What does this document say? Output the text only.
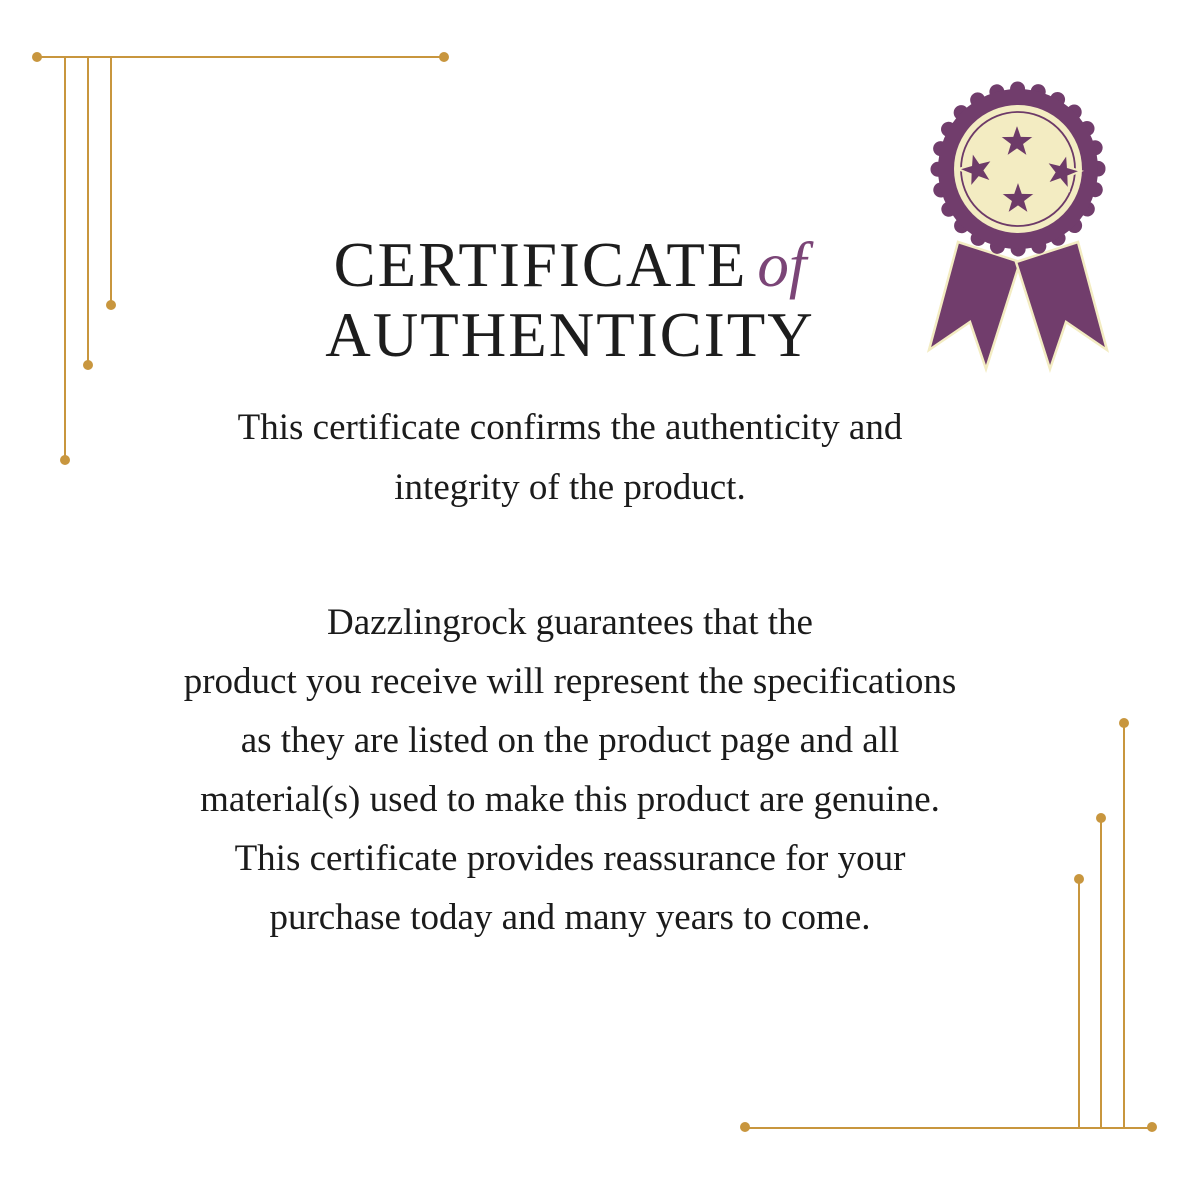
CERTIFICATE of
AUTHENTICITY
This certificate confirms the authenticity and
integrity of the product.
Dazzlingrock guarantees that the
product you receive will represent the specifications
as they are listed on the product page and all
material(s) used to make this product are genuine.
This certificate provides reassurance for your
purchase today and many years to come.
